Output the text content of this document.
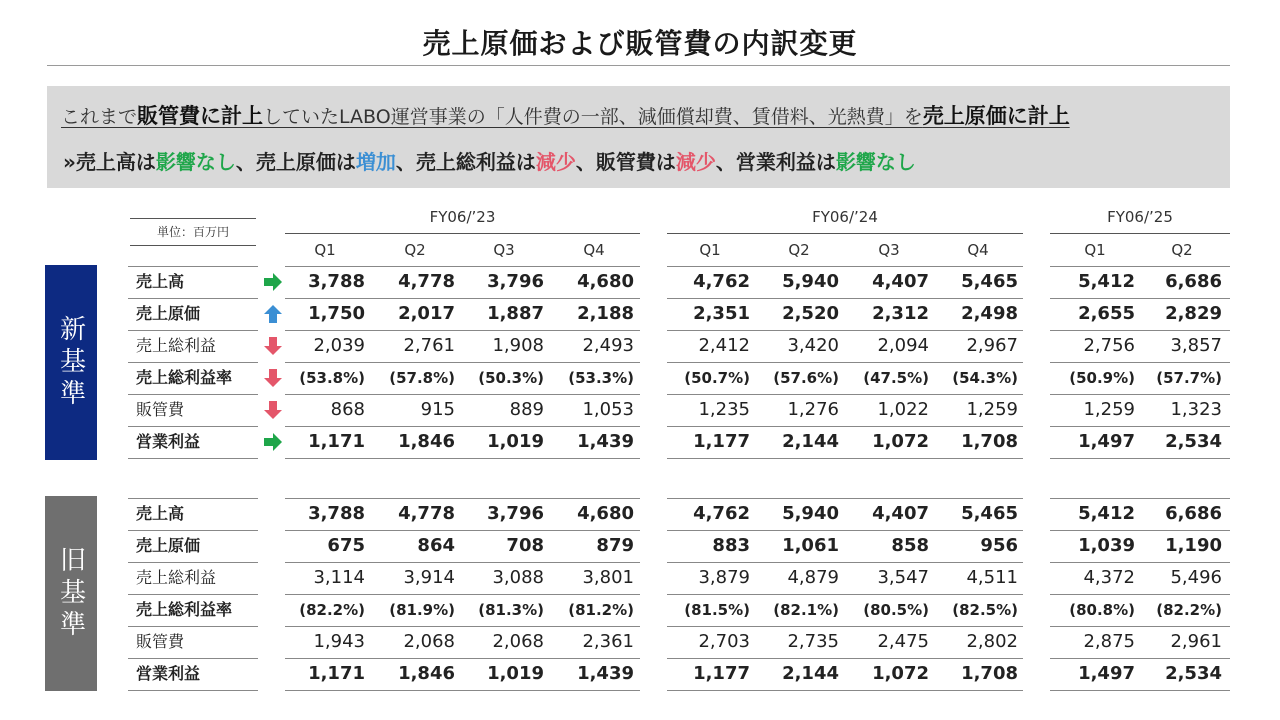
売上原価および販管費の内訳変更
これまで販管費に計上していたLABO運営事業の「人件費の一部、減価償却費、賃借料、光熱費」を売上原価に計上
»売上高は影響なし、売上原価は増加、売上総利益は減少、販管費は減少、営業利益は影響なし
単位：百万円
新基準
旧基準
FY06/’23	FY06/’24	FY06/’25
Q1	Q2	Q3	Q4	Q1	Q2	Q3	Q4	Q1	Q2
売上高	3,788	4,778	3,796	4,680	4,762	5,940	4,407	5,465	5,412	6,686
売上原価	1,750	2,017	1,887	2,188	2,351	2,520	2,312	2,498	2,655	2,829
売上総利益	2,039	2,761	1,908	2,493	2,412	3,420	2,094	2,967	2,756	3,857
売上総利益率	(53.8%)	(57.8%)	(50.3%)	(53.3%)	(50.7%)	(57.6%)	(47.5%)	(54.3%)	(50.9%)	(57.7%)
販管費	868	915	889	1,053	1,235	1,276	1,022	1,259	1,259	1,323
営業利益	1,171	1,846	1,019	1,439	1,177	2,144	1,072	1,708	1,497	2,534
売上高	3,788	4,778	3,796	4,680	4,762	5,940	4,407	5,465	5,412	6,686
売上原価	675	864	708	879	883	1,061	858	956	1,039	1,190
売上総利益	3,114	3,914	3,088	3,801	3,879	4,879	3,547	4,511	4,372	5,496
売上総利益率	(82.2%)	(81.9%)	(81.3%)	(81.2%)	(81.5%)	(82.1%)	(80.5%)	(82.5%)	(80.8%)	(82.2%)
販管費	1,943	2,068	2,068	2,361	2,703	2,735	2,475	2,802	2,875	2,961
営業利益	1,171	1,846	1,019	1,439	1,177	2,144	1,072	1,708	1,497	2,534
